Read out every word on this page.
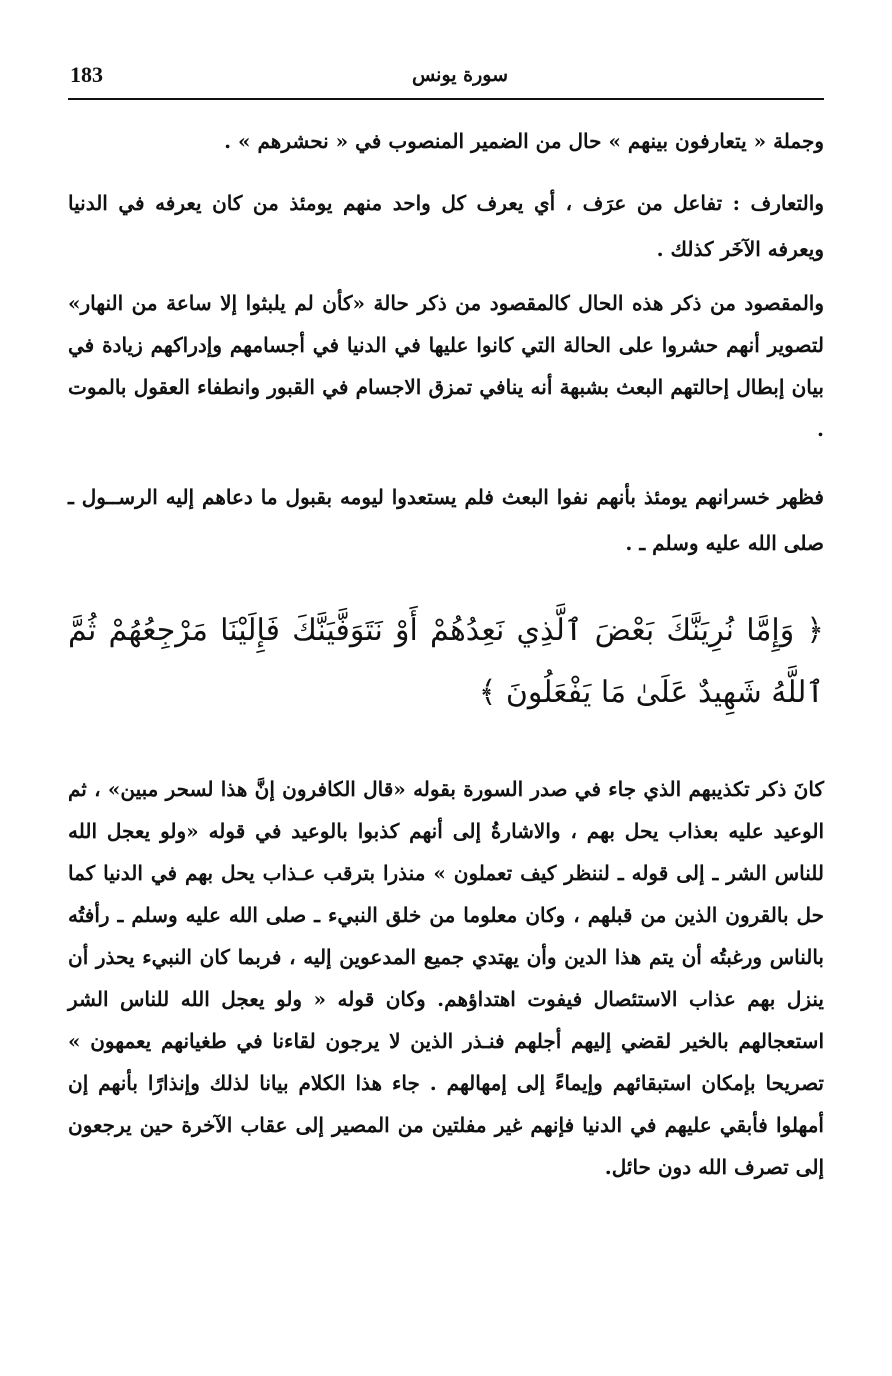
183	سورة يونس

وجملة « يتعارفون بينهم » حال من الضمير المنصوب في « نحشرهم » .

والتعارف : تفاعل من عرَف ، أي يعرف كل واحد منهم يومئذ من كان يعرفه في الدنيا ويعرفه الآخَر كذلك .

والمقصود من ذكر هذه الحال كالمقصود من ذكر حالة «كأن لم يلبثوا إلا ساعة من النهار» لتصوير أنهم حشروا على الحالة التي كانوا عليها في الدنيا في أجسامهم وإدراكهم زيادة في بيان إبطال إحالتهم البعث بشبهة أنه ينافي تمزق الاجسام في القبور وانطفاء العقول بالموت .

فظهر خسرانهم يومئذ بأنهم نفوا البعث فلم يستعدوا ليومه بقبول ما دعاهم إليه الرســول ـ صلى الله عليه وسلم ـ .

﴿ وَإِمَّا نُرِيَنَّكَ بَعْضَ ٱلَّذِي نَعِدُهُمْ أَوْ نَتَوَفَّيَنَّكَ فَإِلَيْنَا مَرْجِعُهُمْ ثُمَّ ٱللَّهُ شَهِيدٌ عَلَىٰ مَا يَفْعَلُونَ ﴾

كانَ ذكر تكذيبهم الذي جاء في صدر السورة بقوله «قال الكافرون إنَّ هذا لسحر مبين» ، ثم الوعيد عليه بعذاب يحل بهم ، والاشارةُ إلى أنهم كذبوا بالوعيد في قوله «ولو يعجل الله للناس الشر ـ إلى قوله ـ لننظر كيف تعملون » منذرا بترقب عـذاب يحل بهم في الدنيا كما حل بالقرون الذين من قبلهم ، وكان معلوما من خلق النبيء ـ صلى الله عليه وسلم ـ رأفتُه بالناس ورغبتُه أن يتم هذا الدين وأن يهتدي جميع المدعوين إليه ، فربما كان النبيء يحذر أن ينزل بهم عذاب الاستئصال فيفوت اهتداؤهم. وكان قوله « ولو يعجل الله للناس الشر استعجالهم بالخير لقضي إليهم أجلهم فنـذر الذين لا يرجون لقاءنا في طغيانهم يعمهون » تصريحا بإمكان استبقائهم وإيماءً إلى إمهالهم . جاء هذا الكلام بيانا لذلك وإنذارًا بأنهم إن أمهلوا فأبقي عليهم في الدنيا فإنهم غير مفلتين من المصير إلى عقاب الآخرة حين يرجعون إلى تصرف الله دون حائل.
